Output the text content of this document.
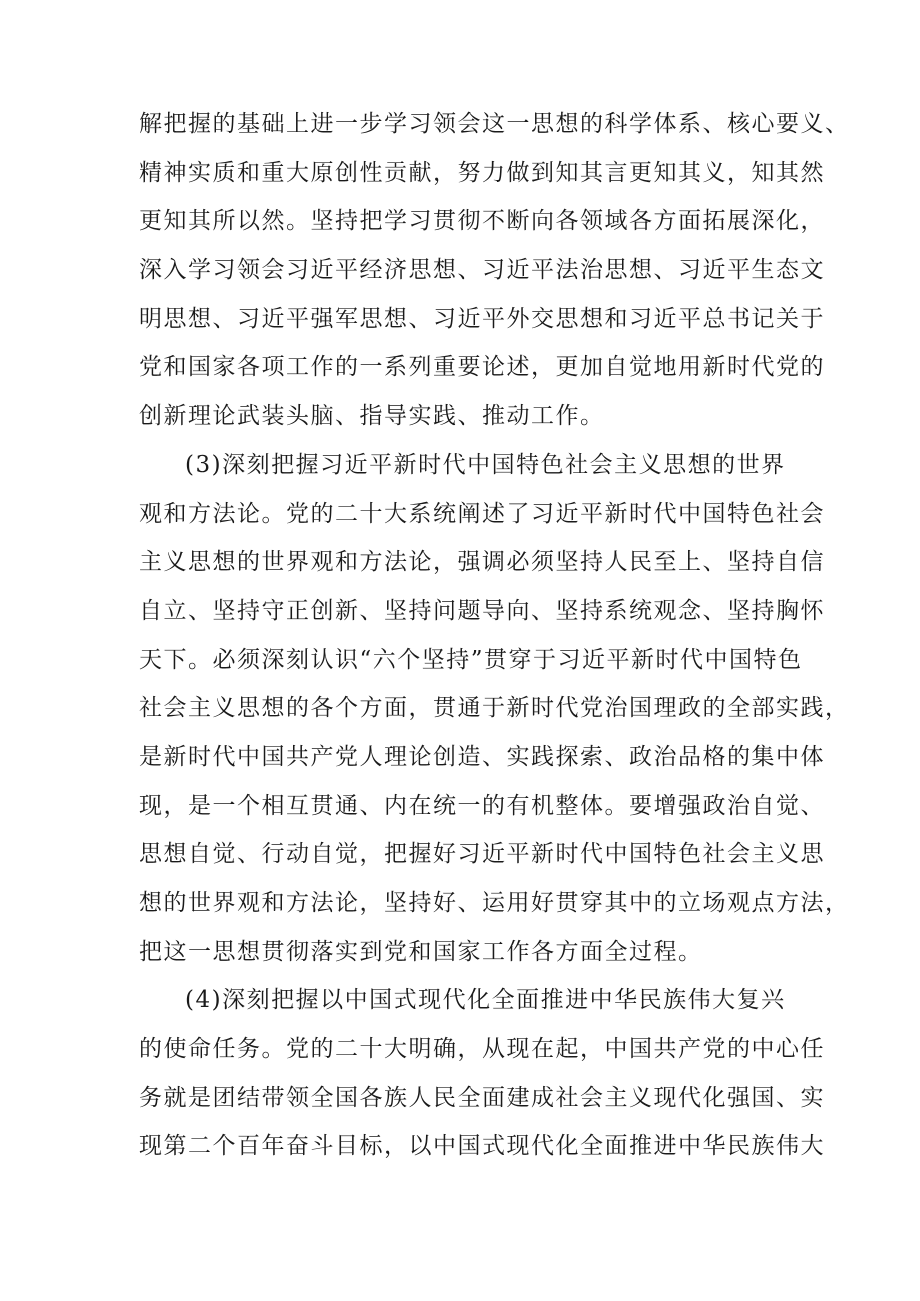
解把握的基础上进一步学习领会这一思想的科学体系、核心要义、
精神实质和重大原创性贡献，努力做到知其言更知其义，知其然
更知其所以然。坚持把学习贯彻不断向各领域各方面拓展深化，
深入学习领会习近平经济思想、习近平法治思想、习近平生态文
明思想、习近平强军思想、习近平外交思想和习近平总书记关于
党和国家各项工作的一系列重要论述，更加自觉地用新时代党的
创新理论武装头脑、指导实践、推动工作。
(3)深刻把握习近平新时代中国特色社会主义思想的世界
观和方法论。党的二十大系统阐述了习近平新时代中国特色社会
主义思想的世界观和方法论，强调必须坚持人民至上、坚持自信
自立、坚持守正创新、坚持问题导向、坚持系统观念、坚持胸怀
天下。必须深刻认识“六个坚持”贯穿于习近平新时代中国特色
社会主义思想的各个方面，贯通于新时代党治国理政的全部实践，
是新时代中国共产党人理论创造、实践探索、政治品格的集中体
现，是一个相互贯通、内在统一的有机整体。要增强政治自觉、
思想自觉、行动自觉，把握好习近平新时代中国特色社会主义思
想的世界观和方法论，坚持好、运用好贯穿其中的立场观点方法，
把这一思想贯彻落实到党和国家工作各方面全过程。
(4)深刻把握以中国式现代化全面推进中华民族伟大复兴
的使命任务。党的二十大明确，从现在起，中国共产党的中心任
务就是团结带领全国各族人民全面建成社会主义现代化强国、实
现第二个百年奋斗目标，以中国式现代化全面推进中华民族伟大
